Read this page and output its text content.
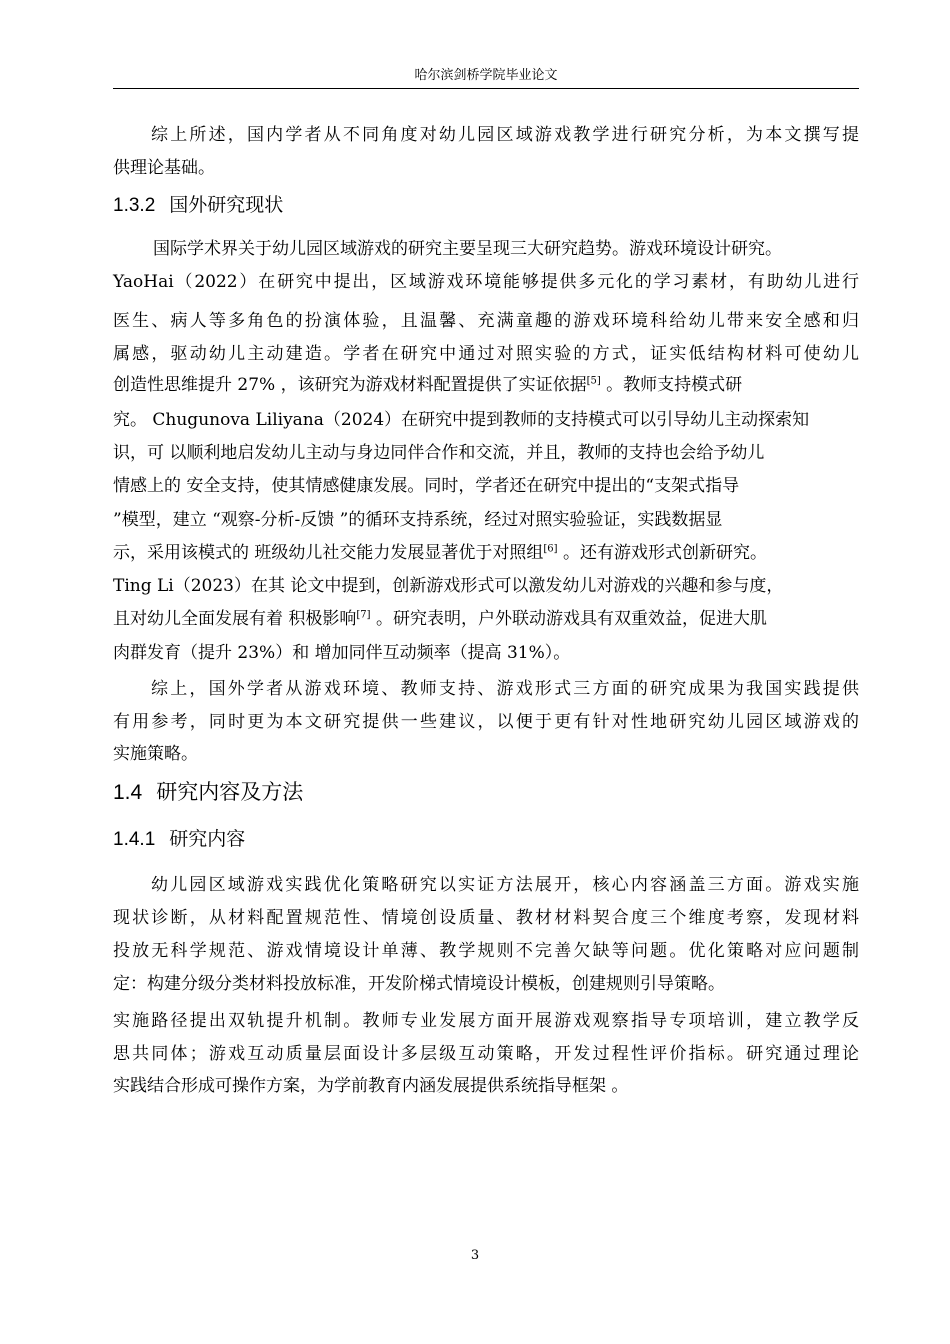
哈尔滨剑桥学院毕业论文
综上所述，国内学者从不同角度对幼儿园区域游戏教学进行研究分析，为本文撰写提
供理论基础。
1.3.2 国外研究现状
国际学术界关于幼儿园区域游戏的研究主要呈现三大研究趋势。游戏环境设计研究。
YaoHai（2022）在研究中提出，区域游戏环境能够提供多元化的学习素材，有助幼儿进行
医生、病人等多角色的扮演体验，且温馨、充满童趣的游戏环境科给幼儿带来安全感和归
属感，驱动幼儿主动建造。学者在研究中通过对照实验的方式，证实低结构材料可使幼儿
创造性思维提升 27% ，该研究为游戏材料配置提供了实证依据[5] 。教师支持模式研
究。 Chugunova Liliyana（2024）在研究中提到教师的支持模式可以引导幼儿主动探索知
识，可 以顺利地启发幼儿主动与身边同伴合作和交流，并且，教师的支持也会给予幼儿
情感上的 安全支持，使其情感健康发展。同时，学者还在研究中提出的“支架式指导
”模型，建立 “观察-分析-反馈 ”的循环支持系统，经过对照实验验证，实践数据显
示，采用该模式的 班级幼儿社交能力发展显著优于对照组[6] 。还有游戏形式创新研究。
Ting Li（2023）在其 论文中提到，创新游戏形式可以激发幼儿对游戏的兴趣和参与度，
且对幼儿全面发展有着 积极影响[7] 。研究表明，户外联动游戏具有双重效益，促进大肌
肉群发育（提升 23%）和 增加同伴互动频率（提高 31%）。
综上，国外学者从游戏环境、教师支持、游戏形式三方面的研究成果为我国实践提供
有用参考，同时更为本文研究提供一些建议，以便于更有针对性地研究幼儿园区域游戏的
实施策略。
1.4 研究内容及方法
1.4.1 研究内容
幼儿园区域游戏实践优化策略研究以实证方法展开，核心内容涵盖三方面。游戏实施
现状诊断，从材料配置规范性、情境创设质量、教材材料契合度三个维度考察，发现材料
投放无科学规范、游戏情境设计单薄、教学规则不完善欠缺等问题。优化策略对应问题制
定：构建分级分类材料投放标准，开发阶梯式情境设计模板，创建规则引导策略。
实施路径提出双轨提升机制。教师专业发展方面开展游戏观察指导专项培训，建立教学反
思共同体；游戏互动质量层面设计多层级互动策略，开发过程性评价指标。研究通过理论
实践结合形成可操作方案，为学前教育内涵发展提供系统指导框架 。
3
